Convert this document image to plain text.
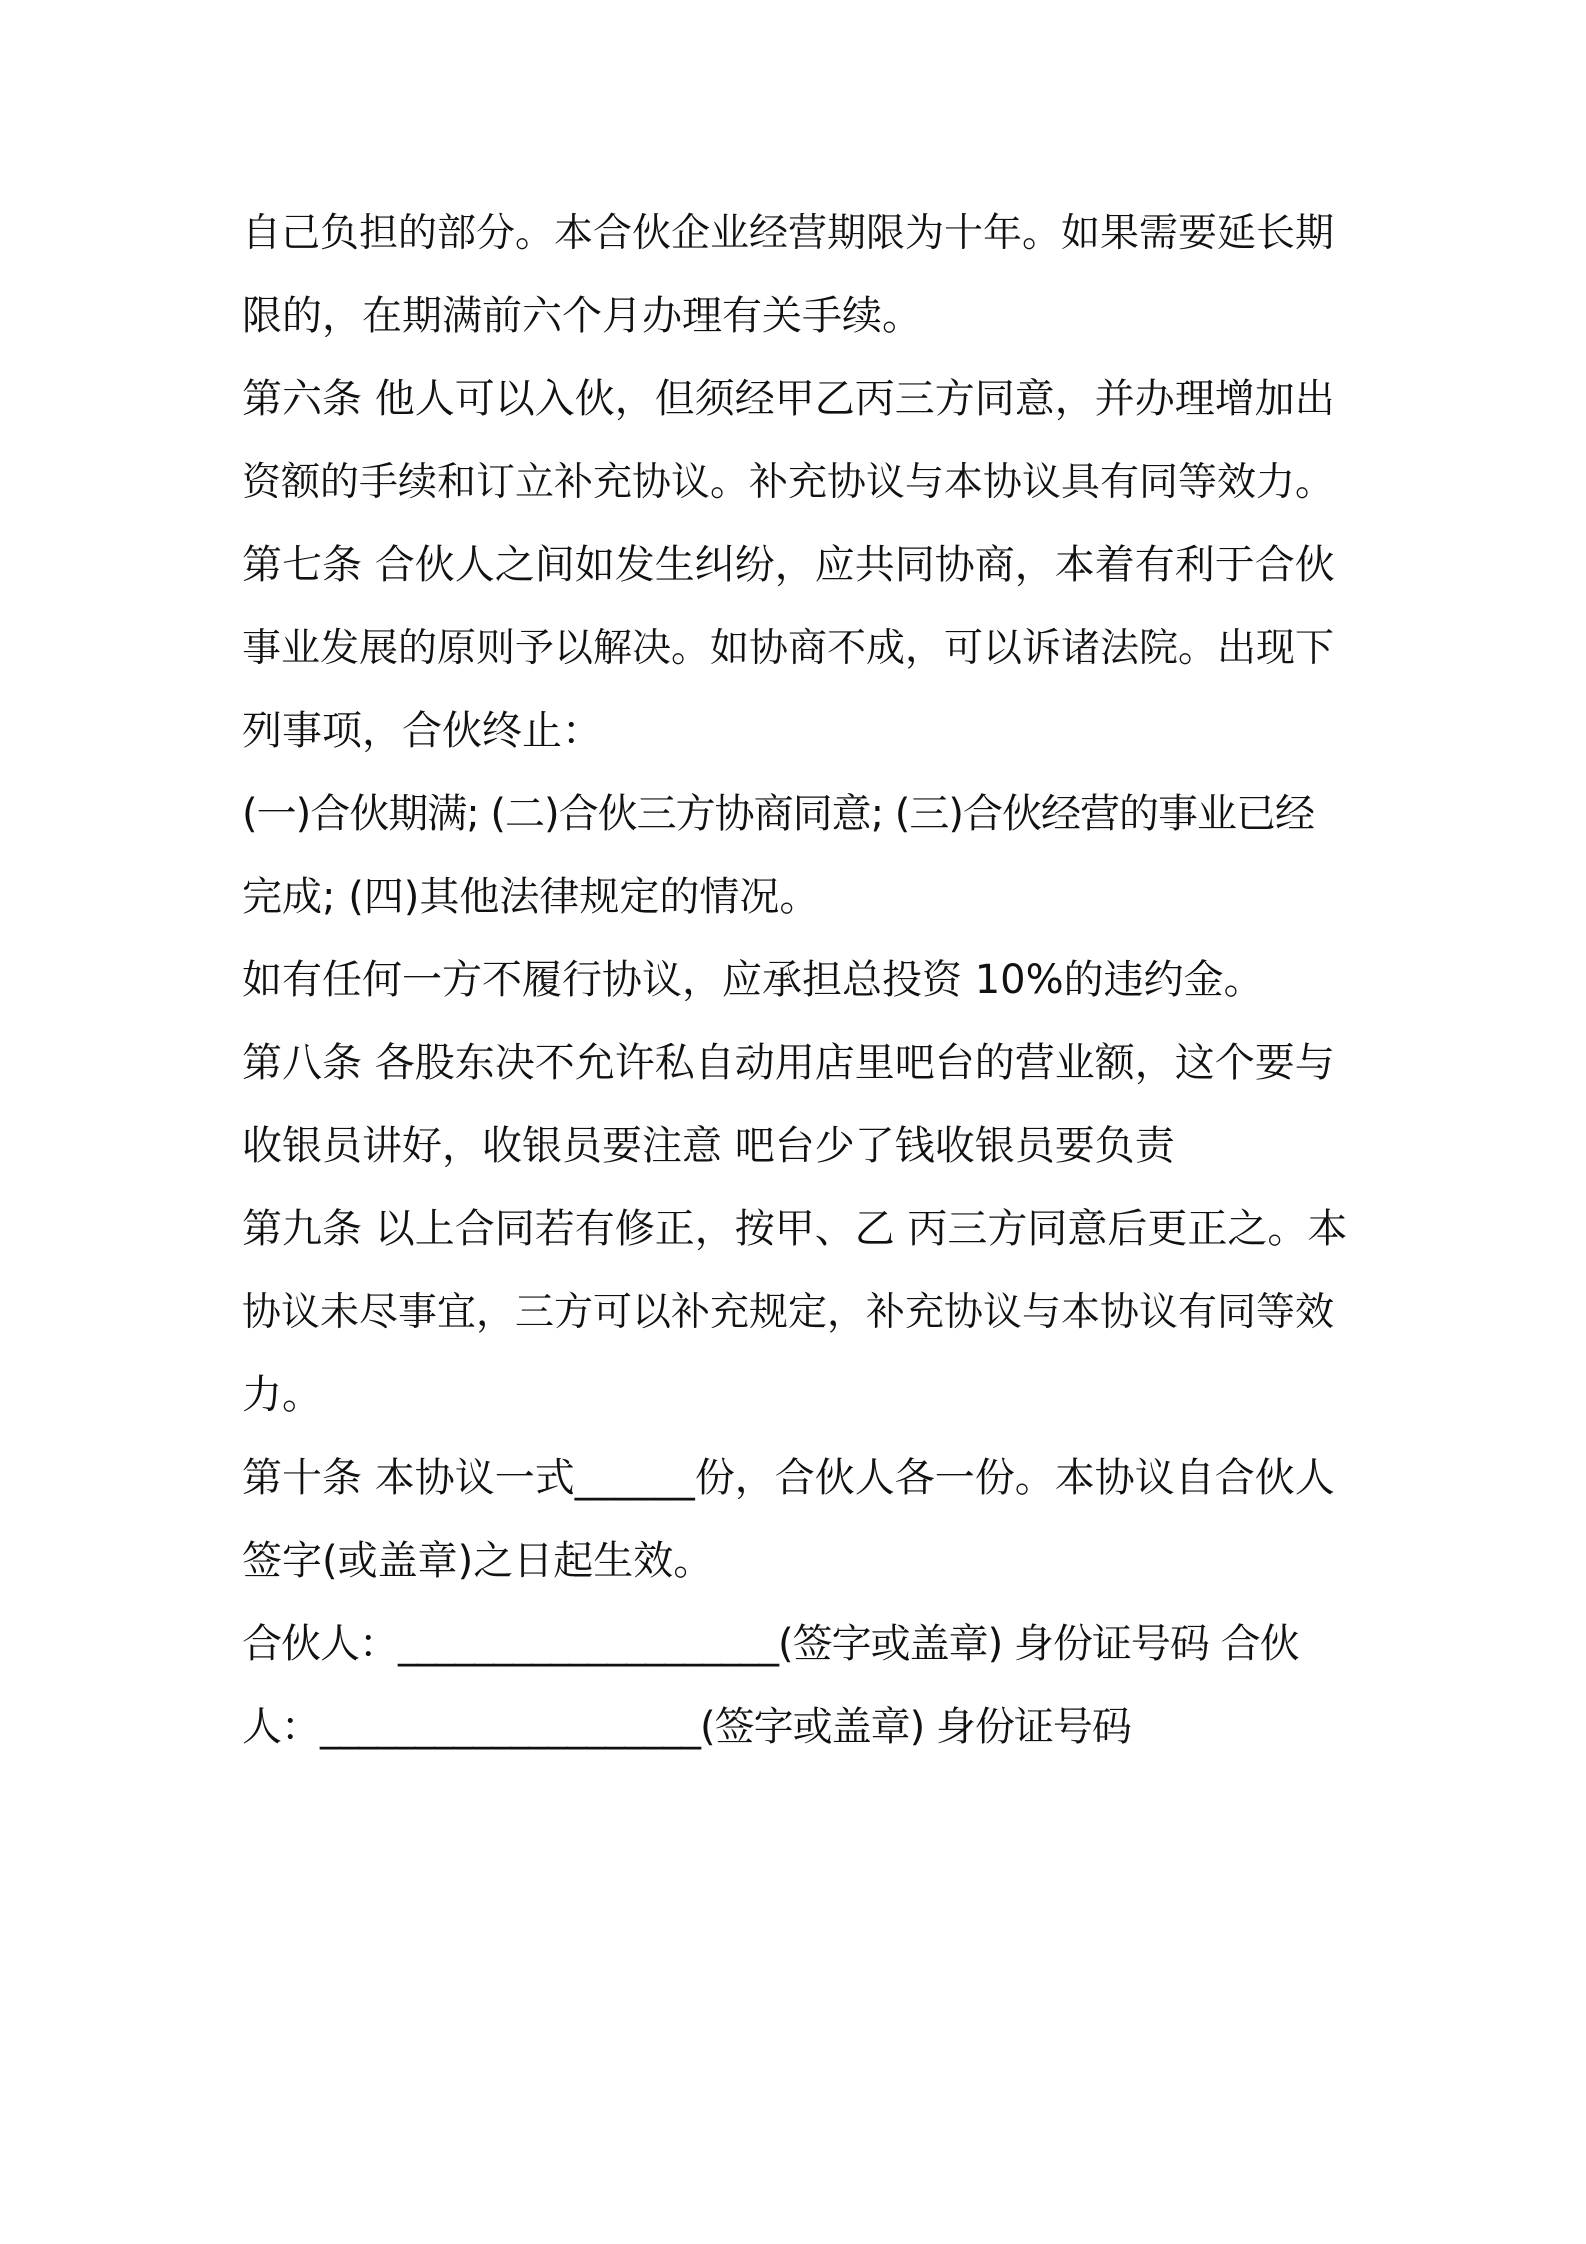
自己负担的部分。本合伙企业经营期限为十年。如果需要延长期
限的，在期满前六个月办理有关手续。
第六条 他人可以入伙，但须经甲乙丙三方同意，并办理增加出
资额的手续和订立补充协议。补充协议与本协议具有同等效力。
第七条 合伙人之间如发生纠纷，应共同协商，本着有利于合伙
事业发展的原则予以解决。如协商不成，可以诉诸法院。出现下
列事项，合伙终止：
(一)合伙期满; (二)合伙三方协商同意; (三)合伙经营的事业已经
完成; (四)其他法律规定的情况。
如有任何一方不履行协议，应承担总投资 10%的违约金。
第八条 各股东决不允许私自动用店里吧台的营业额，这个要与
收银员讲好，收银员要注意 吧台少了钱收银员要负责
第九条 以上合同若有修正，按甲、乙 丙三方同意后更正之。本
协议未尽事宜，三方可以补充规定，补充协议与本协议有同等效
力。
第十条 本协议一式______份，合伙人各一份。本协议自合伙人
签字(或盖章)之日起生效。
合伙人：____________________(签字或盖章) 身份证号码 合伙
人：____________________(签字或盖章) 身份证号码
